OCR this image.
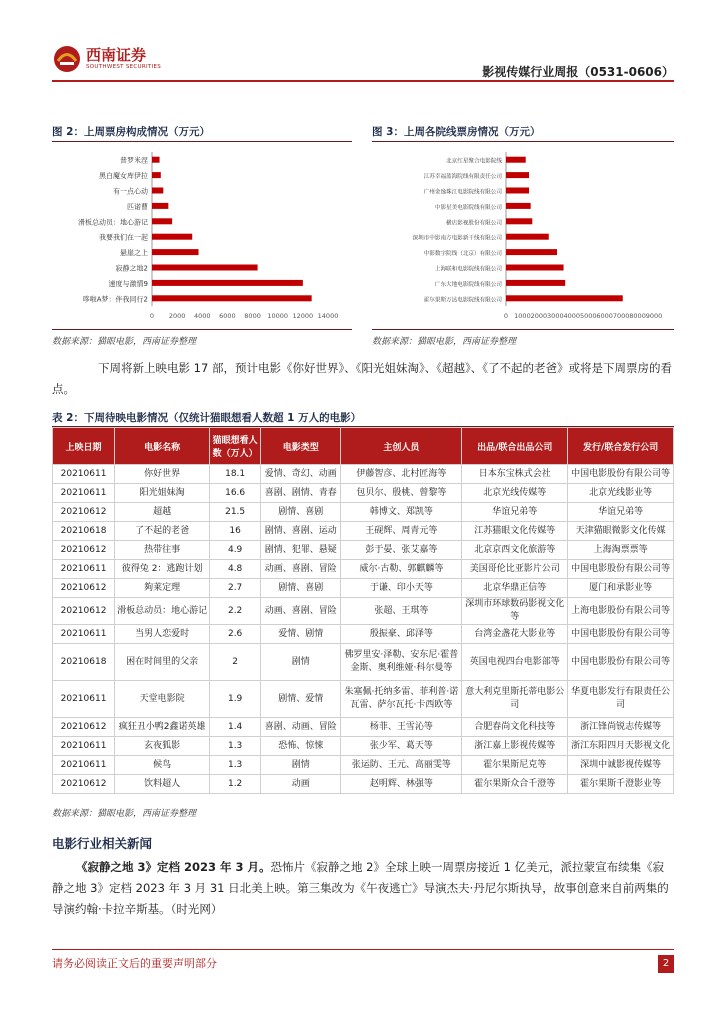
西南证券
SOUTHWEST SECURITIES	影视传媒行业周报（0531-0606）
图 2：上周票房构成情况（万元）
普罗米涅
黑白魔女库伊拉
有一点心动
匹诺曹
滑板总动员：地心游记
我要我们在一起
悬崖之上
寂静之地2
速度与激情9
哆啦A梦：伴我同行2
0 2000 4000 6000 8000 10000 12000 14000
数据来源：猫眼电影，西南证券整理
图 3：上周各院线票房情况（万元）
北京红星聚合电影院线
江苏幸福蓝海院线有限责任公司
广州金逸珠江电影院线有限公司
中影星美电影院线有限公司
横店影视股份有限公司
深圳市中影南方电影新干线有限公司
中影数字院线（北京）有限公司
上海联和电影院线有限公司
广东大地电影院线有限公司
霍尔果斯万达电影院线有限公司
0 1000 2000 3000 4000 5000 6000 7000 8000 9000
数据来源：猫眼电影，西南证券整理
下周将新上映电影 17 部，预计电影《你好世界》、《阳光姐妹淘》、《超越》、《了不起的老爸》或将是下周票房的看点。
表 2：下周待映电影情况（仅统计猫眼想看人数超 1 万人的电影）
上映日期	电影名称	猫眼想看人数（万人）	电影类型	主创人员	出品/联合出品公司	发行/联合发行公司
20210611	你好世界	18.1	爱情、奇幻、动画	伊藤智彦、北村匠海等	日本东宝株式会社	中国电影股份有限公司等
20210611	阳光姐妹淘	16.6	喜剧、剧情、青春	包贝尔、殷桃、曾黎等	北京光线传媒等	北京光线影业等
20210612	超越	21.5	剧情、喜剧	韩博文、郑凯等	华谊兄弟等	华谊兄弟等
20210618	了不起的老爸	16	剧情、喜剧、运动	王砚辉、周青元等	江苏猫眼文化传媒等	天津猫眼微影文化传媒
20210612	热带往事	4.9	剧情、犯罪、悬疑	彭于晏、张艾嘉等	北京京西文化旅游等	上海淘票票等
20210611	彼得兔 2：逃跑计划	4.8	动画、喜剧、冒险	威尔·古勒、郭麒麟等	美国哥伦比亚影片公司	中国电影股份有限公司等
20210612	夠莱定理	2.7	剧情、喜剧	于谦、印小天等	北京华鼎正信等	厦门和承影业等
20210612	滑板总动员：地心游记	2.2	动画、喜剧、冒险	张超、王琪等	深圳市环球数码影视文化等	上海电影股份有限公司等
20210611	当男人恋爱时	2.6	爱情、剧情	殷振豪、邱泽等	台湾金盏花大影业等	中国电影股份有限公司等
20210618	困在时间里的父亲	2	剧情	佛罗里安·泽勒、安东尼·霍普金斯、奥利维娅·科尔曼等	英国电视四台电影部等	中国电影股份有限公司等
20210611	天堂电影院	1.9	剧情、爱情	朱塞佩·托纳多雷、菲利普·诺瓦雷、萨尔瓦托·卡西欧等	意大利克里斯托蒂电影公司	华夏电影发行有限责任公司
20210612	疯狂丑小鸭2鑫诺英雄	1.4	喜剧、动画、冒险	杨菲、王雪沁等	合肥春尚文化科技等	浙江锋尚锐志传媒等
20210611	玄夜狐影	1.3	恐怖、惊悚	张少军、葛天等	浙江嘉上影视传媒等	浙江东阳四月天影视文化
20210611	候鸟	1.3	剧情	张运防、王元、高丽雯等	霍尔果斯尼克等	深圳中诚影视传媒等
20210612	饮料超人	1.2	动画	赵明辉、林强等	霍尔果斯众合千澄等	霍尔果斯千澄影业等
数据来源：猫眼电影，西南证券整理
电影行业相关新闻
《寂静之地 3》定档 2023 年 3 月。恐怖片《寂静之地 2》全球上映一周票房接近 1 亿美元，派拉蒙宣布续集《寂静之地 3》定档 2023 年 3 月 31 日北美上映。第三集改为《午夜逃亡》导演杰夫·丹尼尔斯执导，故事创意来自前两集的导演约翰·卡拉辛斯基。（时光网）
请务必阅读正文后的重要声明部分	2
